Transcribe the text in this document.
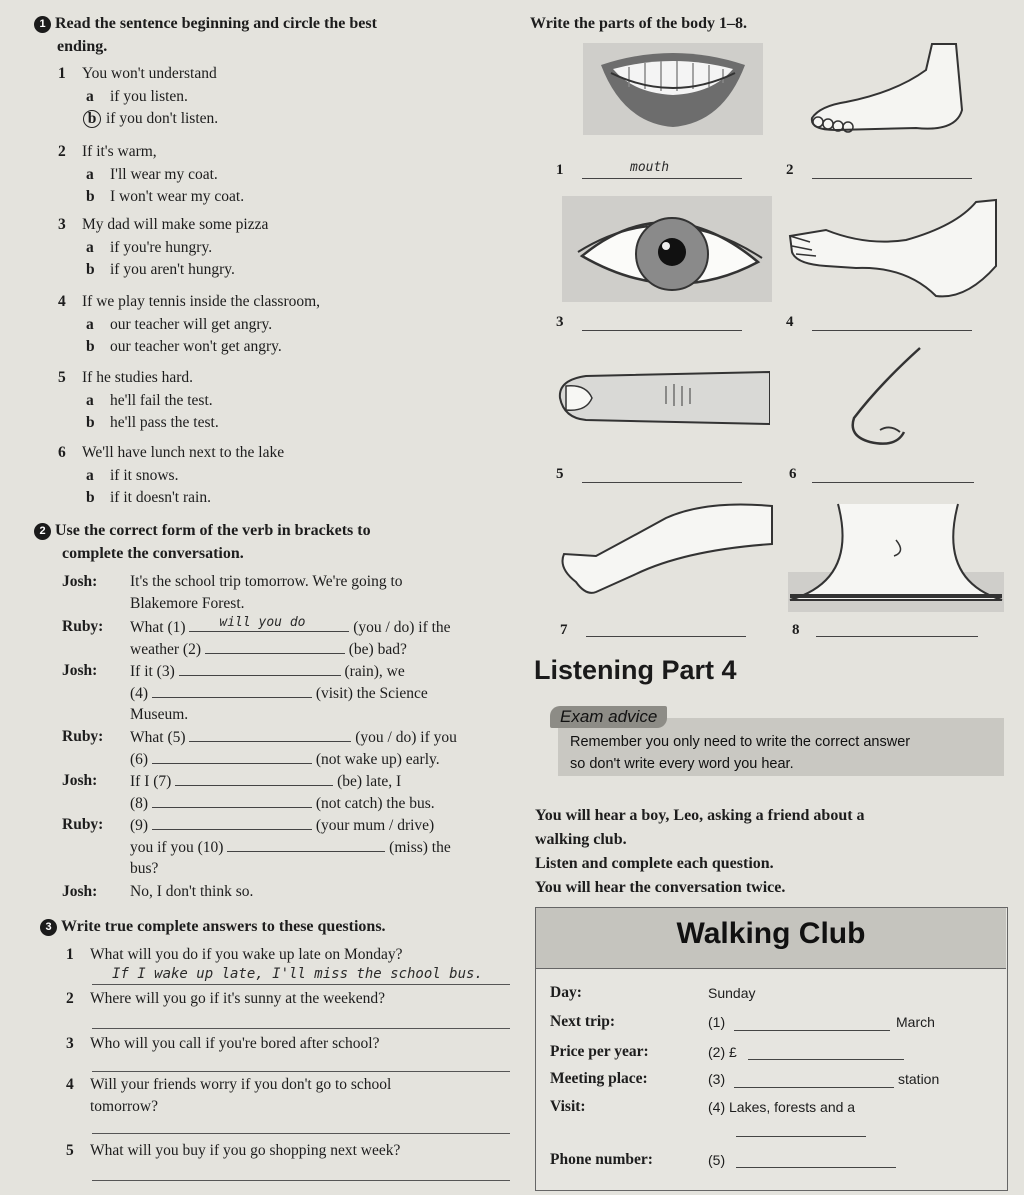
1 Read the sentence beginning and circle the best
ending.
1 You won't understand
a if you listen.
b if you don't listen.
2 If it's warm,
a I'll wear my coat.
b I won't wear my coat.
3 My dad will make some pizza
a if you're hungry.
b if you aren't hungry.
4 If we play tennis inside the classroom,
a our teacher will get angry.
b our teacher won't get angry.
5 If he studies hard.
a he'll fail the test.
b he'll pass the test.
6 We'll have lunch next to the lake
a if it snows.
b if it doesn't rain.
2 Use the correct form of the verb in brackets to
complete the conversation.
Josh:	It's the school trip tomorrow. We're going to
Blakemore Forest.
Ruby:	What (1)	will you do	(you / do) if the
weather (2)	(be) bad?
Josh:	If it (3)	(rain), we
(4)	(visit) the Science
Museum.
Ruby:	What (5)	(you / do) if you
(6)	(not wake up) early.
Josh:	If I (7)	(be) late, I
(8)	(not catch) the bus.
Ruby:	(9)	(your mum / drive)
you if you (10)	(miss) the
bus?
Josh:	No, I don't think so.
3 Write true complete answers to these questions.
1 What will you do if you wake up late on Monday?
If I wake up late, I'll miss the school bus.
2 Where will you go if it's sunny at the weekend?
3 Who will you call if you're bored after school?
4 Will your friends worry if you don't go to school
tomorrow?
5 What will you buy if you go shopping next week?
Write the parts of the body 1–8.
1	mouth	2
3	4
5	6
7	8
Listening Part 4
Exam advice
Remember you only need to write the correct answer
so don't write every word you hear.
You will hear a boy, Leo, asking a friend about a
walking club.
Listen and complete each question.
You will hear the conversation twice.
Walking Club
Day:	Sunday
Next trip:	(1)	March
Price per year:	(2) £
Meeting place:	(3)	station
Visit:	(4) Lakes, forests and a
Phone number:	(5)
